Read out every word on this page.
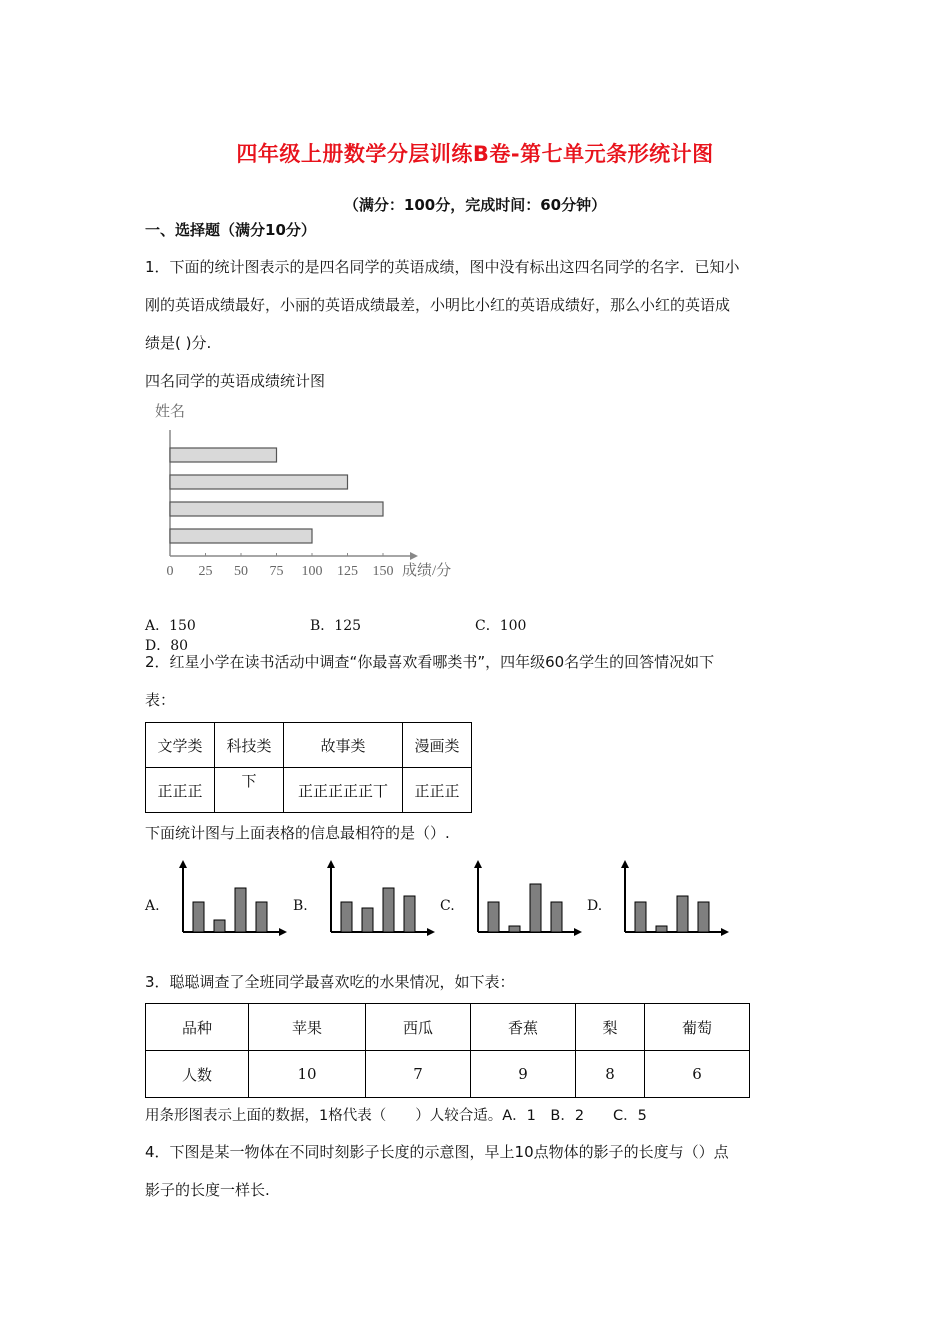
四年级上册数学分层训练B卷-第七单元条形统计图
（满分：100分，完成时间：60分钟）
一、选择题（满分10分）
1．下面的统计图表示的是四名同学的英语成绩，图中没有标出这四名同学的名字．已知小
刚的英语成绩最好，小丽的英语成绩最差，小明比小红的英语成绩好，那么小红的英语成
绩是( )分.
四名同学的英语成绩统计图
姓名
0 25 50 75 100 125 150 成绩/分
A．150	B．125	C．100D．80
2．红星小学在读书活动中调查“你最喜欢看哪类书”，四年级60名学生的回答情况如下
表：
文学类	科技类	故事类	漫画类
正正正	下	正正正正正丅	正正正
下面统计图与上面表格的信息最相符的是（）.
A.	B.	C.	D.
3．聪聪调查了全班同学最喜欢吃的水果情况，如下表：
品种	苹果	西瓜	香蕉	梨	葡萄
人数	10	7	9	8	6
用条形图表示上面的数据，1格代表（　　）人较合适。A．1　B．2　　C．5
4．下图是某一物体在不同时刻影子长度的示意图，早上10点物体的影子的长度与（）点
影子的长度一样长.
